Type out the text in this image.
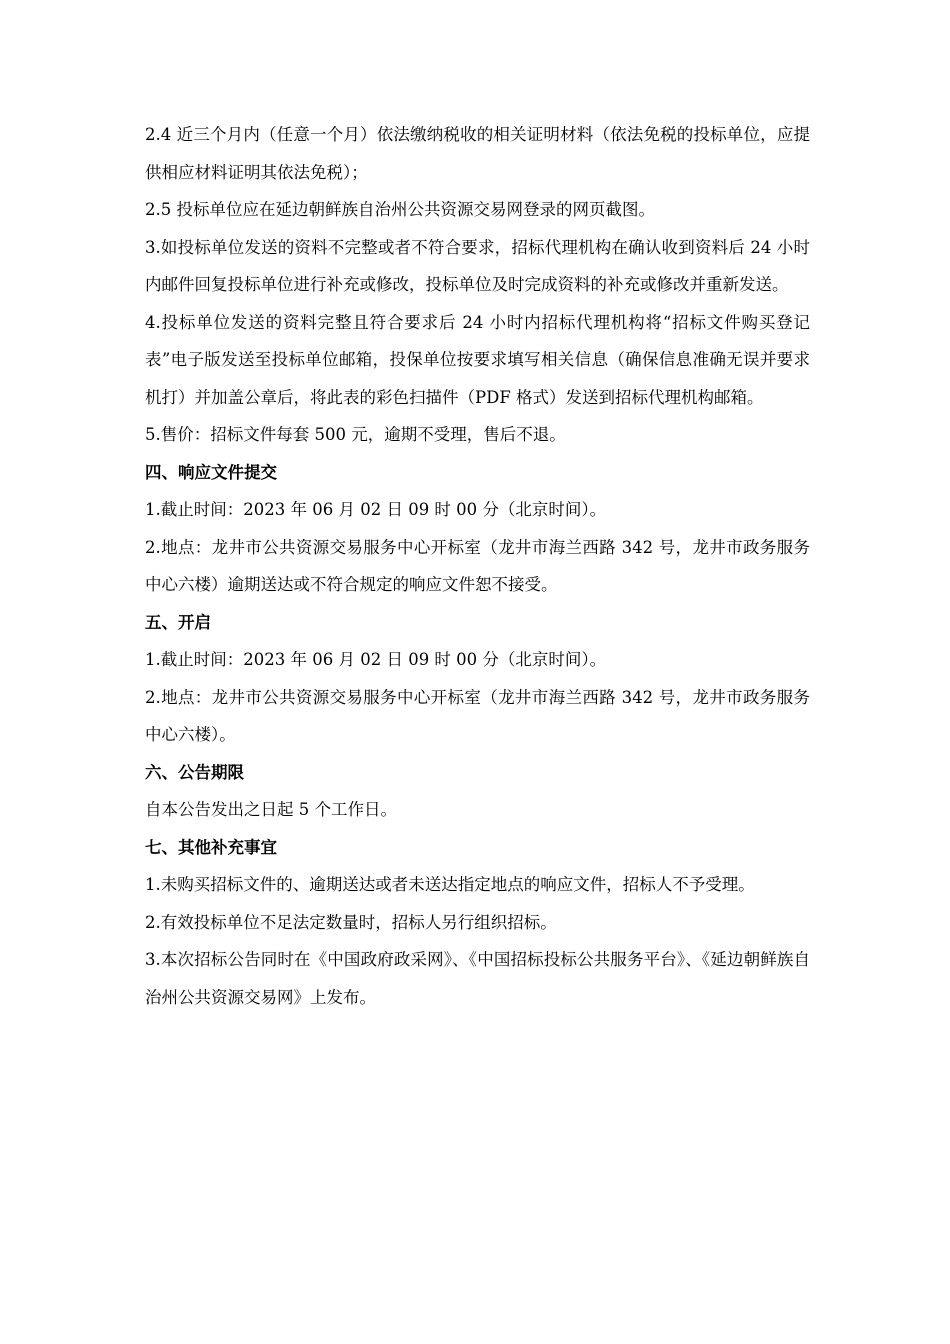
2.4 近三个月内（任意一个月）依法缴纳税收的相关证明材料（依法免税的投标单位，应提供相应材料证明其依法免税）；

2.5 投标单位应在延边朝鲜族自治州公共资源交易网登录的网页截图。

3.如投标单位发送的资料不完整或者不符合要求，招标代理机构在确认收到资料后 24 小时内邮件回复投标单位进行补充或修改，投标单位及时完成资料的补充或修改并重新发送。

4.投标单位发送的资料完整且符合要求后 24 小时内招标代理机构将“招标文件购买登记表”电子版发送至投标单位邮箱，投保单位按要求填写相关信息（确保信息准确无误并要求机打）并加盖公章后，将此表的彩色扫描件（PDF 格式）发送到招标代理机构邮箱。

5.售价：招标文件每套 500 元，逾期不受理，售后不退。

四、响应文件提交

1.截止时间：2023 年 06 月 02 日 09 时 00 分（北京时间）。

2.地点：龙井市公共资源交易服务中心开标室（龙井市海兰西路 342 号，龙井市政务服务中心六楼）逾期送达或不符合规定的响应文件恕不接受。

五、开启

1.截止时间：2023 年 06 月 02 日 09 时 00 分（北京时间）。

2.地点：龙井市公共资源交易服务中心开标室（龙井市海兰西路 342 号，龙井市政务服务中心六楼）。

六、公告期限

自本公告发出之日起 5 个工作日。

七、其他补充事宜

1.未购买招标文件的、逾期送达或者未送达指定地点的响应文件，招标人不予受理。

2.有效投标单位不足法定数量时，招标人另行组织招标。

3.本次招标公告同时在《中国政府政采网》、《中国招标投标公共服务平台》、《延边朝鲜族自治州公共资源交易网》上发布。
